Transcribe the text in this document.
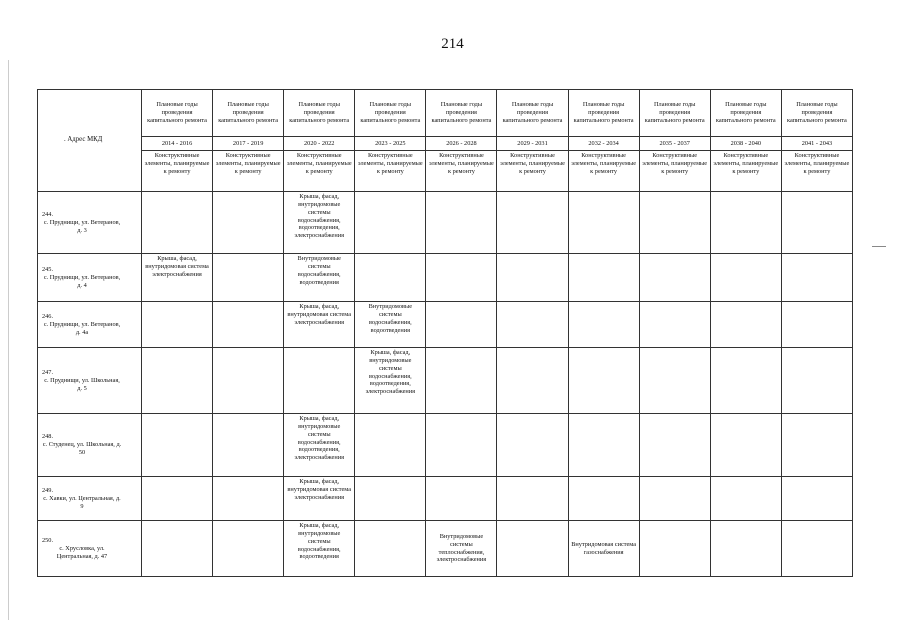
214
. Адрес МКД	Плановые годы проведения капитального ремонта	Плановые годы проведения капитального ремонта	Плановые годы проведения капитального ремонта	Плановые годы проведения капитального ремонта	Плановые годы проведения капитального ремонта	Плановые годы проведения капитального ремонта	Плановые годы проведения капитального ремонта	Плановые годы проведения капитального ремонта	Плановые годы проведения капитального ремонта	Плановые годы проведения капитального ремонта
	2014 - 2016	2017 - 2019	2020 - 2022	2023 - 2025	2026 - 2028	2029 - 2031	2032 - 2034	2035 - 2037	2038 - 2040	2041 - 2043
	Конструктивные элементы, планируемые к ремонту	Конструктивные элементы, планируемые к ремонту	Конструктивные элементы, планируемые к ремонту	Конструктивные элементы, планируемые к ремонту	Конструктивные элементы, планируемые к ремонту	Конструктивные элементы, планируемые к ремонту	Конструктивные элементы, планируемые к ремонту	Конструктивные элементы, планируемые к ремонту	Конструктивные элементы, планируемые к ремонту	Конструктивные элементы, планируемые к ремонту
244.с. Пруднищи, ул. Ветеранов, д. 3			Крыша, фасад, внутридомовые системы водоснабжения, водоотведения, электроснабжения							
245.с. Пруднищи, ул. Ветеранов, д. 4	Крыша, фасад, внутридомовая система электроснабжения		Внутридомовые системы водоснабжения, водоотведения							
246.с. Пруднищи, ул. Ветеранов, д. 4а			Крыша, фасад, внутридомовая система электроснабжения	Внутридомовые системы водоснабжения, водоотведения						
247.с. Пруднищи, ул. Школьная, д. 5				Крыша, фасад, внутридомовые системы водоснабжения, водоотведения, электроснабжения						
248.с. Студенец, ул. Школьная, д. 50			Крыша, фасад, внутридомовые системы водоснабжения, водоотведения, электроснабжения							
249.с. Хавки, ул. Центральная, д. 9			Крыша, фасад, внутридомовая система электроснабжения							
250.с. Хрусловка, ул. Центральная, д. 47			Крыша, фасад, внутридомовые системы водоснабжения, водоотведения		Внутридомовые системы теплоснабжения, электроснабжения		Внутридомовая система газоснабжения			
